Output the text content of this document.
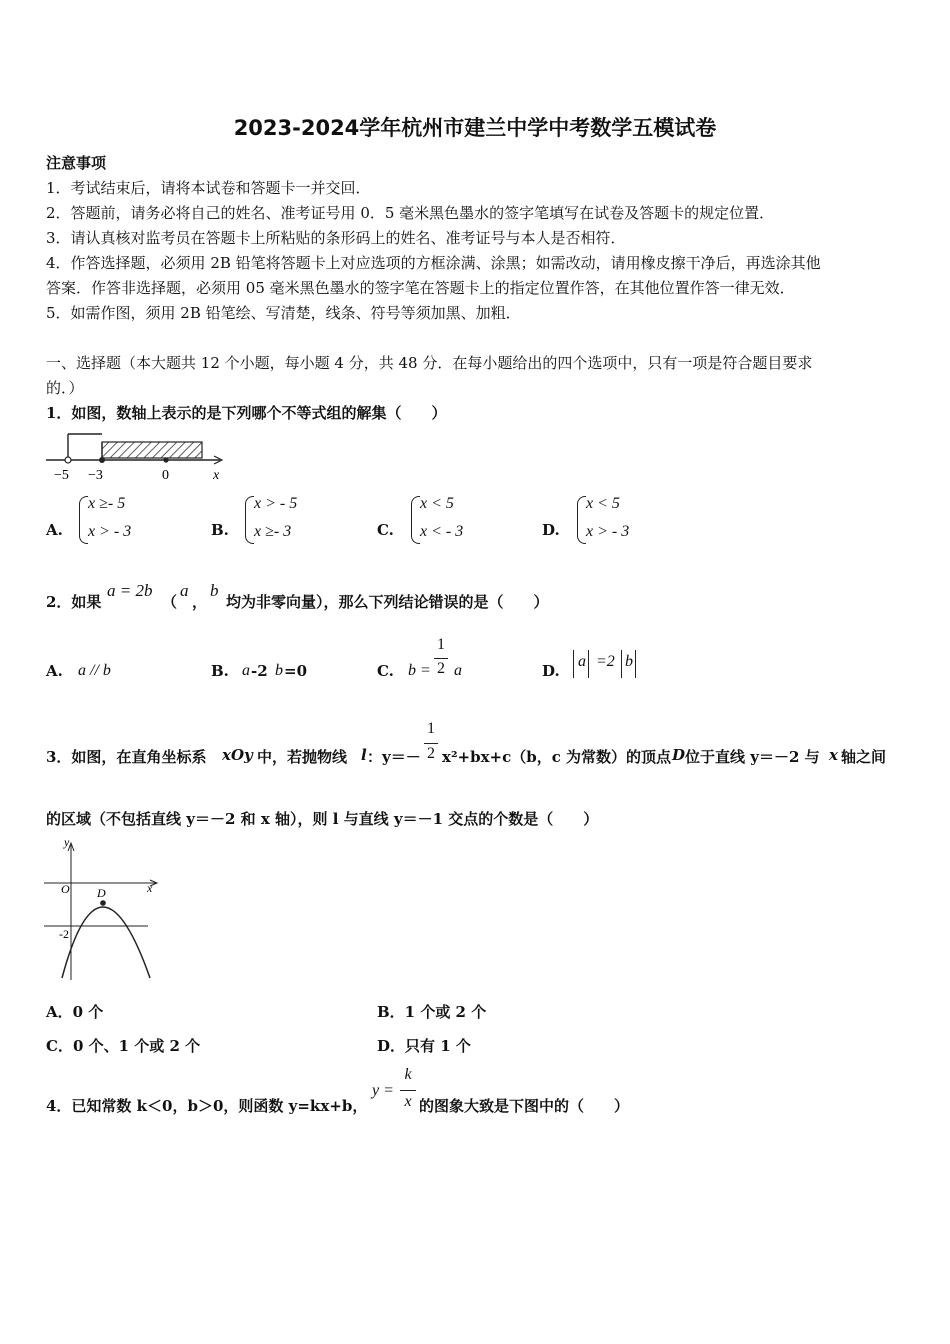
2023-2024学年杭州市建兰中学中考数学五模试卷
注意事项
1．考试结束后，请将本试卷和答题卡一并交回．
2．答题前，请务必将自己的姓名、准考证号用 0．5 毫米黑色墨水的签字笔填写在试卷及答题卡的规定位置．
3．请认真核对监考员在答题卡上所粘贴的条形码上的姓名、准考证号与本人是否相符．
4．作答选择题，必须用 2B 铅笔将答题卡上对应选项的方框涂满、涂黑；如需改动，请用橡皮擦干净后，再选涂其他
答案．作答非选择题，必须用 05 毫米黑色墨水的签字笔在答题卡上的指定位置作答，在其他位置作答一律无效．
5．如需作图，须用 2B 铅笔绘、写清楚，线条、符号等须加黑、加粗．
一、选择题（本大题共 12 个小题，每小题 4 分，共 48 分．在每小题给出的四个选项中，只有一项是符合题目要求
的．）
1．如图，数轴上表示的是下列哪个不等式组的解集（　　）
−5 −3	0	x
A.
x ≥- 5
x > - 3	B.
x > - 5
x ≥- 3	C.
x < 5
x < - 3	D.
x < 5
x > - 3
2．如果
a = 2b
（
a
，
b
均为非零向量），那么下列结论错误的是（　　）
A. a // b	B. a -2 b =0	C. b =
1
2 a	D.
a =2 b
3．如图，在直角坐标系 xOy 中，若抛物线 l ：y＝－
1
2 x²+bx+c（b，c 为常数）的顶点 D 位于直线 y＝－2 与 x 轴之间
的区域（不包括直线 y＝－2 和 x 轴），则 l 与直线 y＝－1 交点的个数是（　　）
y
O D	x
-2
A．0 个	B．1 个或 2 个
C．0 个、1 个或 2 个	D．只有 1 个
4．已知常数 k＜0，b＞0，则函数 y=kx+b，
y =
k
x 的图象大致是下图中的（　　）
